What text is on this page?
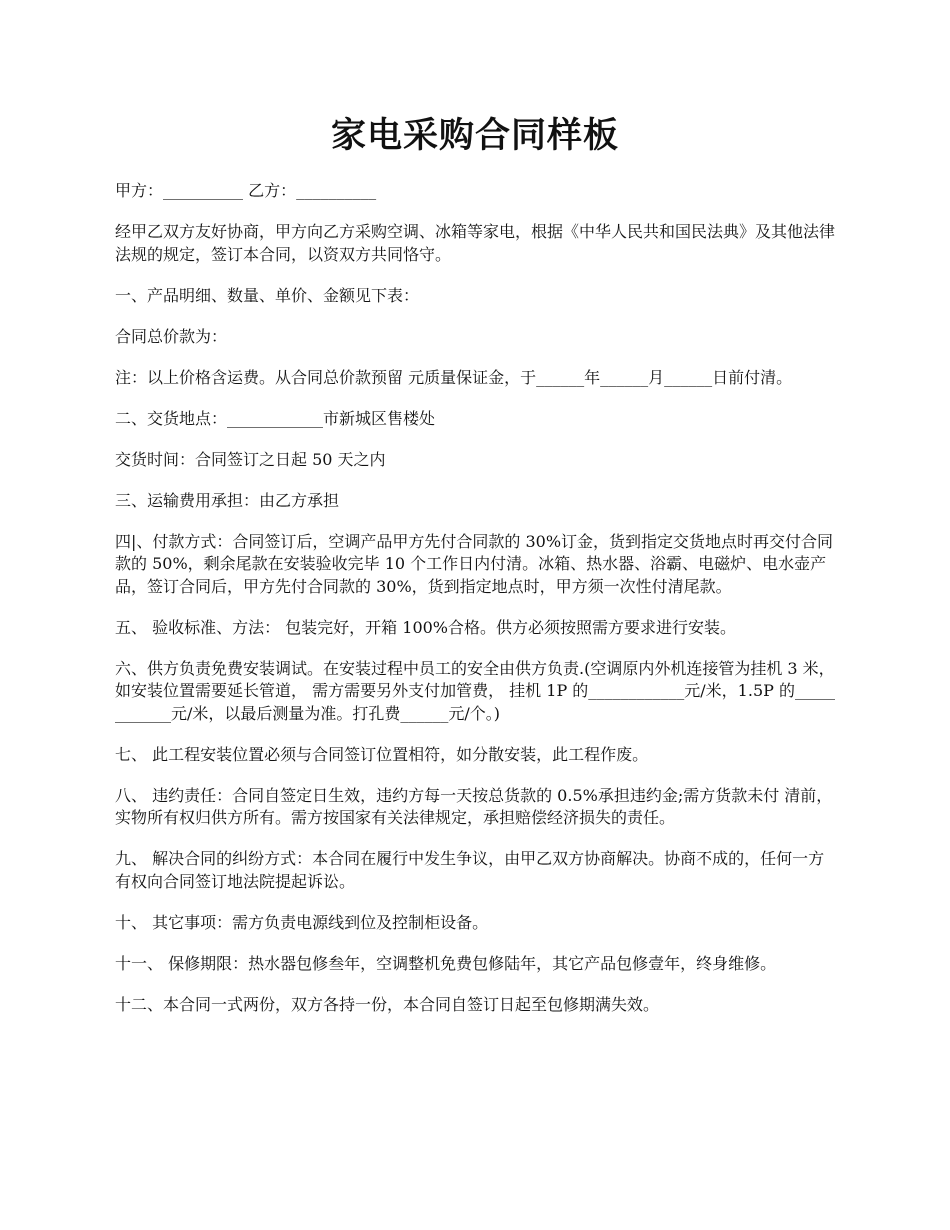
家电采购合同样板

甲方：__________ 乙方：__________

经甲乙双方友好协商，甲方向乙方采购空调、冰箱等家电，根据《中华人民共和国民法典》及其他法律法规的规定，签订本合同，以资双方共同恪守。

一、产品明细、数量、单价、金额见下表：

合同总价款为：

注：以上价格含运费。从合同总价款预留 元质量保证金，于______年______月______日前付清。

二、交货地点：____________市新城区售楼处

交货时间：合同签订之日起 50 天之内

三、运输费用承担：由乙方承担

四|、付款方式：合同签订后，空调产品甲方先付合同款的 30%订金，货到指定交货地点时再交付合同款的 50%，剩余尾款在安装验收完毕 10 个工作日内付清。冰箱、热水器、浴霸、电磁炉、电水壶产品，签订合同后，甲方先付合同款的 30%，货到指定地点时，甲方须一次性付清尾款。

五、 验收标准、方法： 包装完好，开箱 100%合格。供方必须按照需方要求进行安装。

六、供方负责免费安装调试。在安装过程中员工的安全由供方负责.(空调原内外机连接管为挂机 3 米， 如安装位置需要延长管道， 需方需要另外支付加管费， 挂机 1P 的____________元/米，1.5P 的____________元/米，以最后测量为准。打孔费______元/个。)

七、 此工程安装位置必须与合同签订位置相符，如分散安装，此工程作废。

八、 违约责任：合同自签定日生效，违约方每一天按总货款的 0.5%承担违约金;需方货款未付 清前，实物所有权归供方所有。需方按国家有关法律规定，承担赔偿经济损失的责任。

九、 解决合同的纠纷方式：本合同在履行中发生争议，由甲乙双方协商解决。协商不成的，任何一方有权向合同签订地法院提起诉讼。

十、 其它事项：需方负责电源线到位及控制柜设备。

十一、 保修期限：热水器包修叁年，空调整机免费包修陆年，其它产品包修壹年，终身维修。

十二、本合同一式两份，双方各持一份，本合同自签订日起至包修期满失效。
